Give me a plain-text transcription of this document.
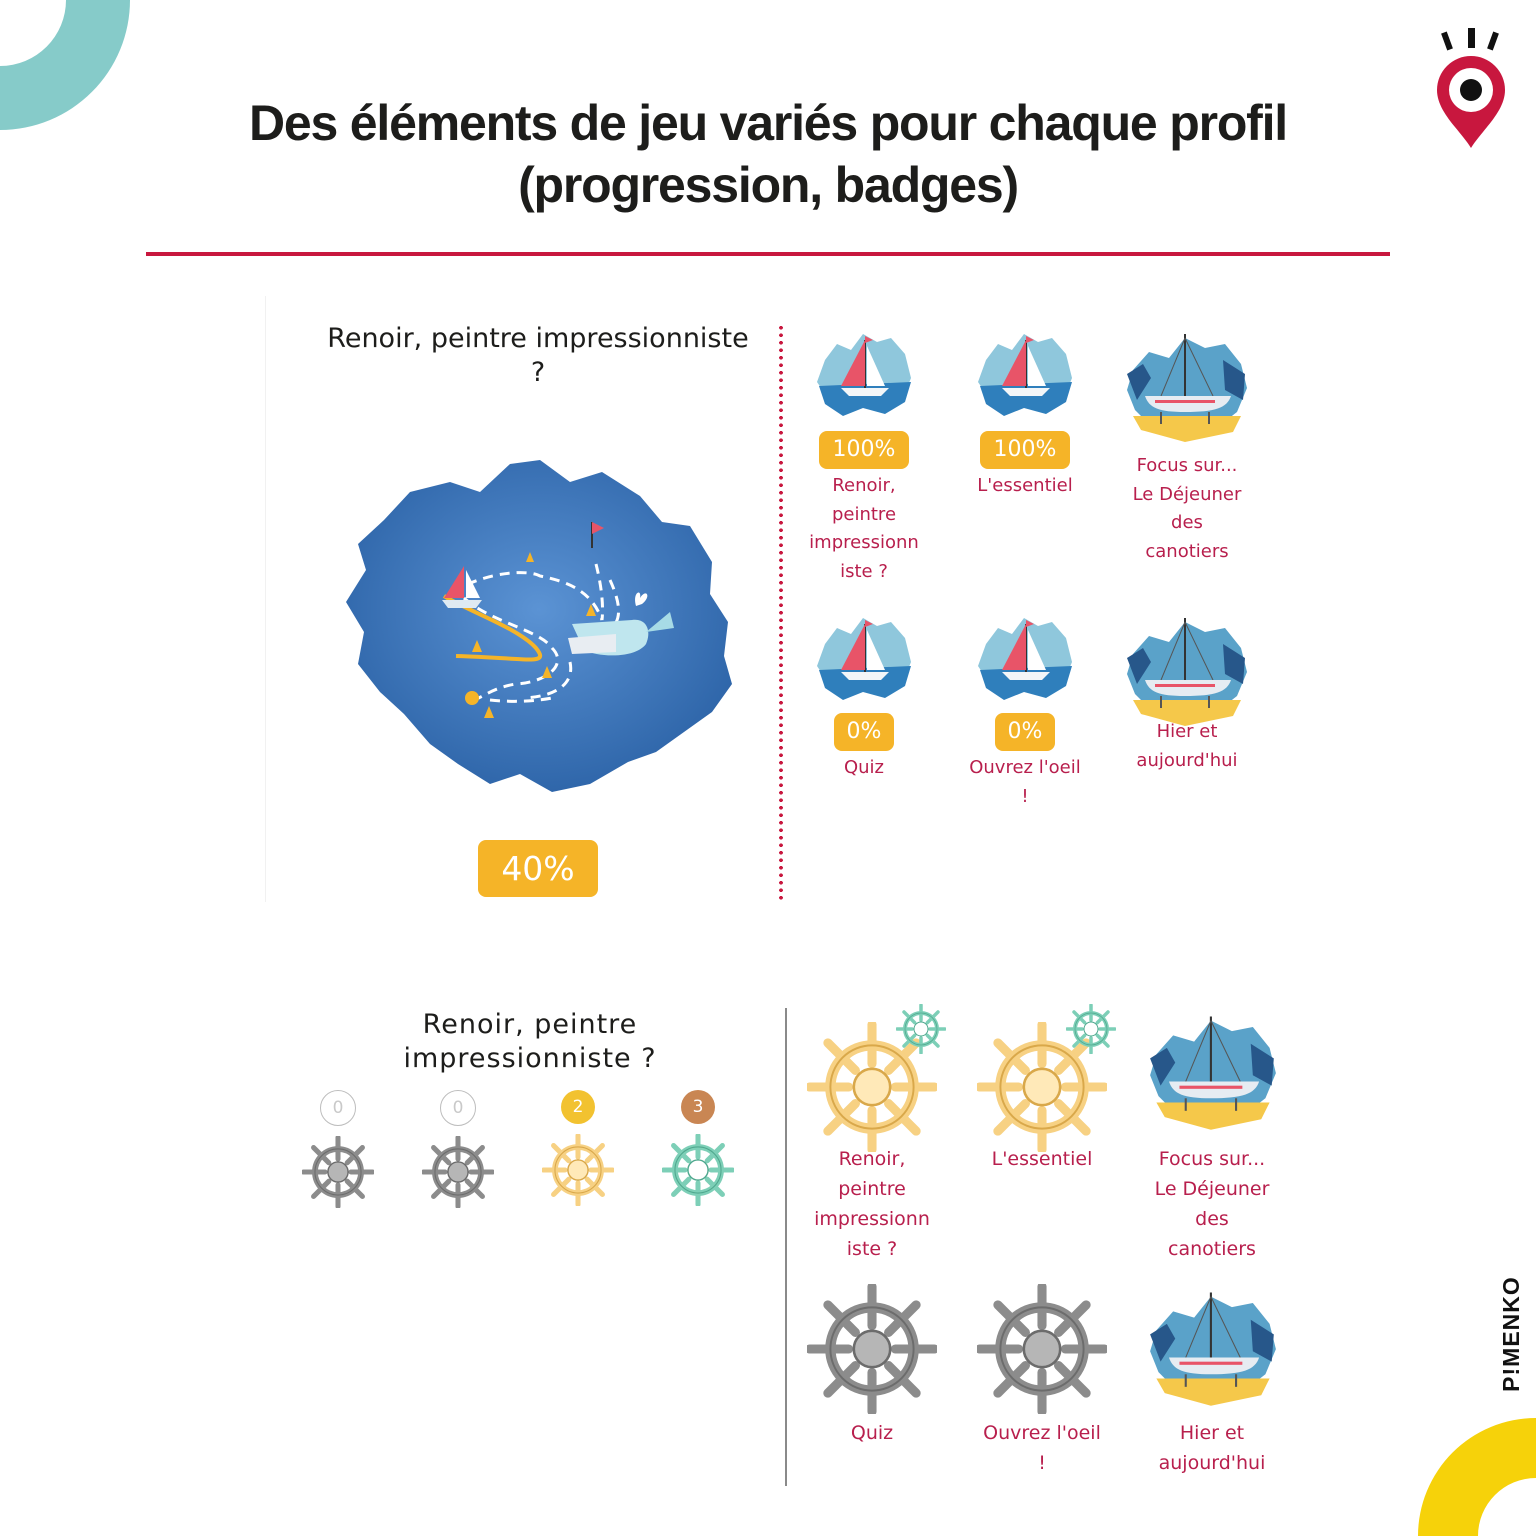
Des éléments de jeu variés pour chaque profil
(progression, badges)
Renoir, peintre impressionniste
?
40%
100%
Renoir,
peintre
impressionn
iste ?
100%
L'essentiel
Focus sur...
Le Déjeuner
des
canotiers
0%
Quiz
0%
Ouvrez l'oeil
!
Hier et
aujourd'hui
Renoir, peintre
impressionniste ?
0	0	2	3
Renoir,
peintre
impressionn
iste ?
L'essentiel	Focus sur...
Le Déjeuner
des
canotiers
Quiz	Ouvrez l'oeil
!
Hier et
aujourd'hui
P!MENKO
